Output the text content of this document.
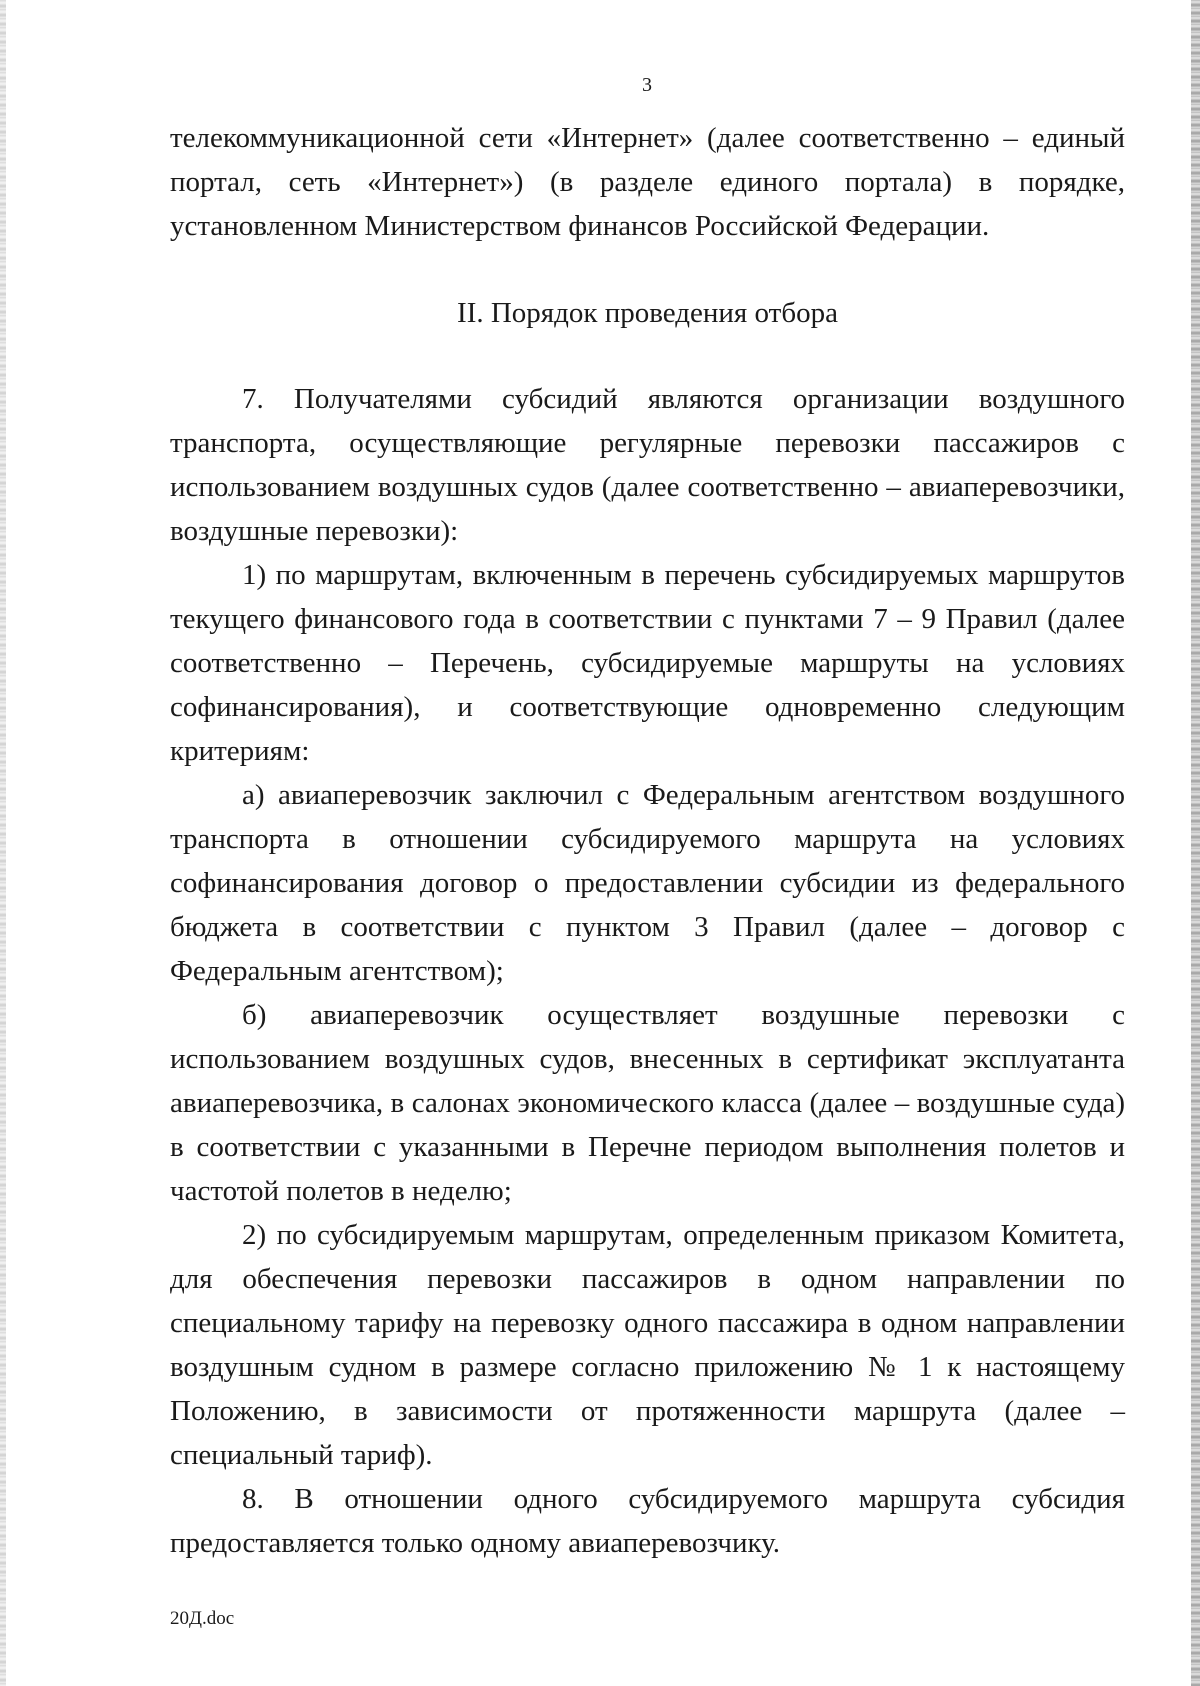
3

телекоммуникационной сети «Интернет» (далее соответственно – единый портал, сеть «Интернет») (в разделе единого портала) в порядке, установленном Министерством финансов Российской Федерации.

II. Порядок проведения отбора

7. Получателями субсидий являются организации воздушного транспорта, осуществляющие регулярные перевозки пассажиров с использованием воздушных судов (далее соответственно – авиаперевозчики, воздушные перевозки):

1) по маршрутам, включенным в перечень субсидируемых маршрутов текущего финансового года в соответствии с пунктами 7 – 9 Правил (далее соответственно – Перечень, субсидируемые маршруты на условиях софинансирования), и соответствующие одновременно следующим критериям:

а) авиаперевозчик заключил с Федеральным агентством воздушного транспорта в отношении субсидируемого маршрута на условиях софинансирования договор о предоставлении субсидии из федерального бюджета в соответствии с пунктом 3 Правил (далее – договор с Федеральным агентством);

б) авиаперевозчик осуществляет воздушные перевозки с использованием воздушных судов, внесенных в сертификат эксплуатанта авиаперевозчика, в салонах экономического класса (далее – воздушные суда) в соответствии с указанными в Перечне периодом выполнения полетов и частотой полетов в неделю;

2) по субсидируемым маршрутам, определенным приказом Комитета, для обеспечения перевозки пассажиров в одном направлении по специальному тарифу на перевозку одного пассажира в одном направлении воздушным судном в размере согласно приложению № 1 к настоящему Положению, в зависимости от протяженности маршрута (далее – специальный тариф).

8. В отношении одного субсидируемого маршрута субсидия предоставляется только одному авиаперевозчику.

20Д.doc
